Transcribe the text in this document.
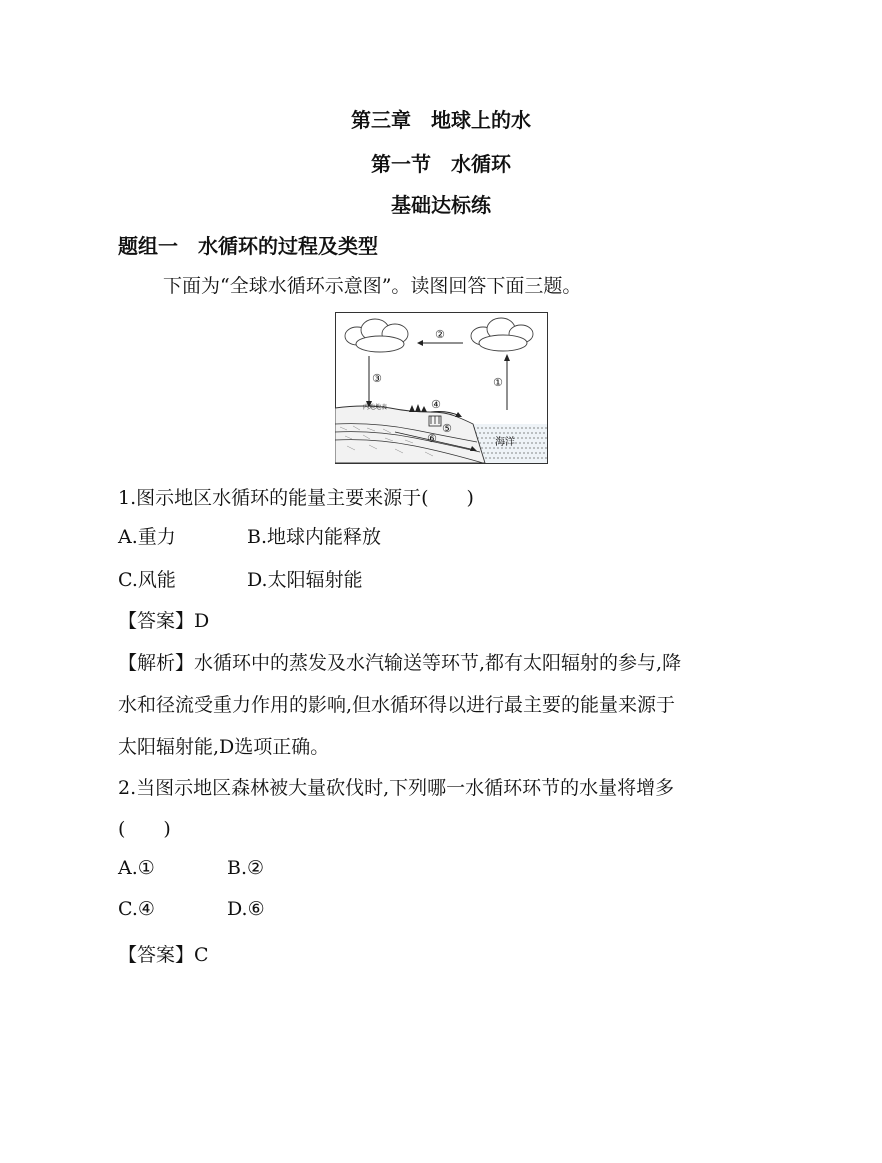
第三章　地球上的水
第一节　水循环
基础达标练
题组一　水循环的过程及类型
下面为“全球水循环示意图”。读图回答下面三题。
②
③	①
④
⑤
⑥	海洋
内地地表
1.图示地区水循环的能量主要来源于(　　)
A.重力	B.地球内能释放
C.风能	D.太阳辐射能
【答案】D
【解析】水循环中的蒸发及水汽输送等环节,都有太阳辐射的参与,降
水和径流受重力作用的影响,但水循环得以进行最主要的能量来源于
太阳辐射能,D选项正确。
2.当图示地区森林被大量砍伐时,下列哪一水循环环节的水量将增多
(　　)
A.①	B.②
C.④	D.⑥
【答案】C
